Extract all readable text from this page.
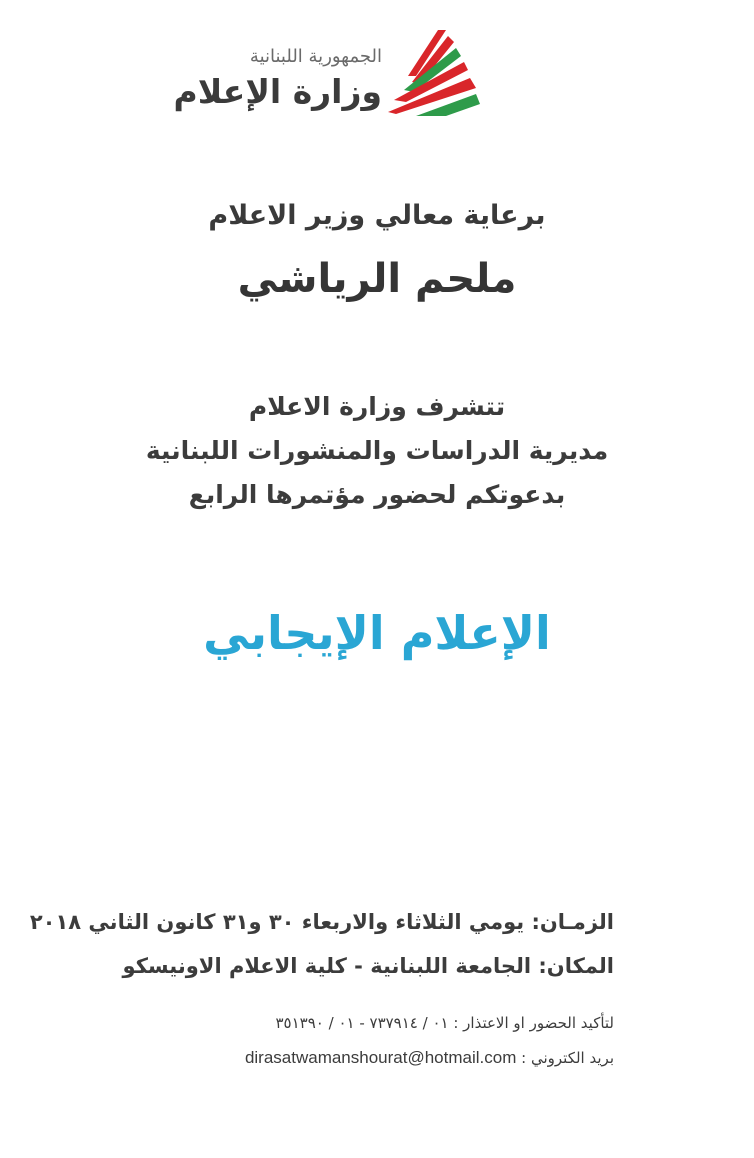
الجمهورية اللبنانية
وزارة الإعلام
برعاية معالي وزير الاعلام
ملحم الرياشي
تتشرف وزارة الاعلام
مديرية الدراسات والمنشورات اللبنانية
بدعوتكم لحضور مؤتمرها الرابع
الإعلام الإيجابي
الزمـان: يومي الثلاثاء والاربعاء ٣٠ و٣١ كانون الثاني ٢٠١٨
المكان: الجامعة اللبنانية - كلية الاعلام الاونيسكو
لتأكيد الحضور او الاعتذار : ٠١ / ٧٣٧٩١٤ - ٠١ / ٣٥١٣٩٠
بريد الكتروني : dirasatwamanshourat@hotmail.com
